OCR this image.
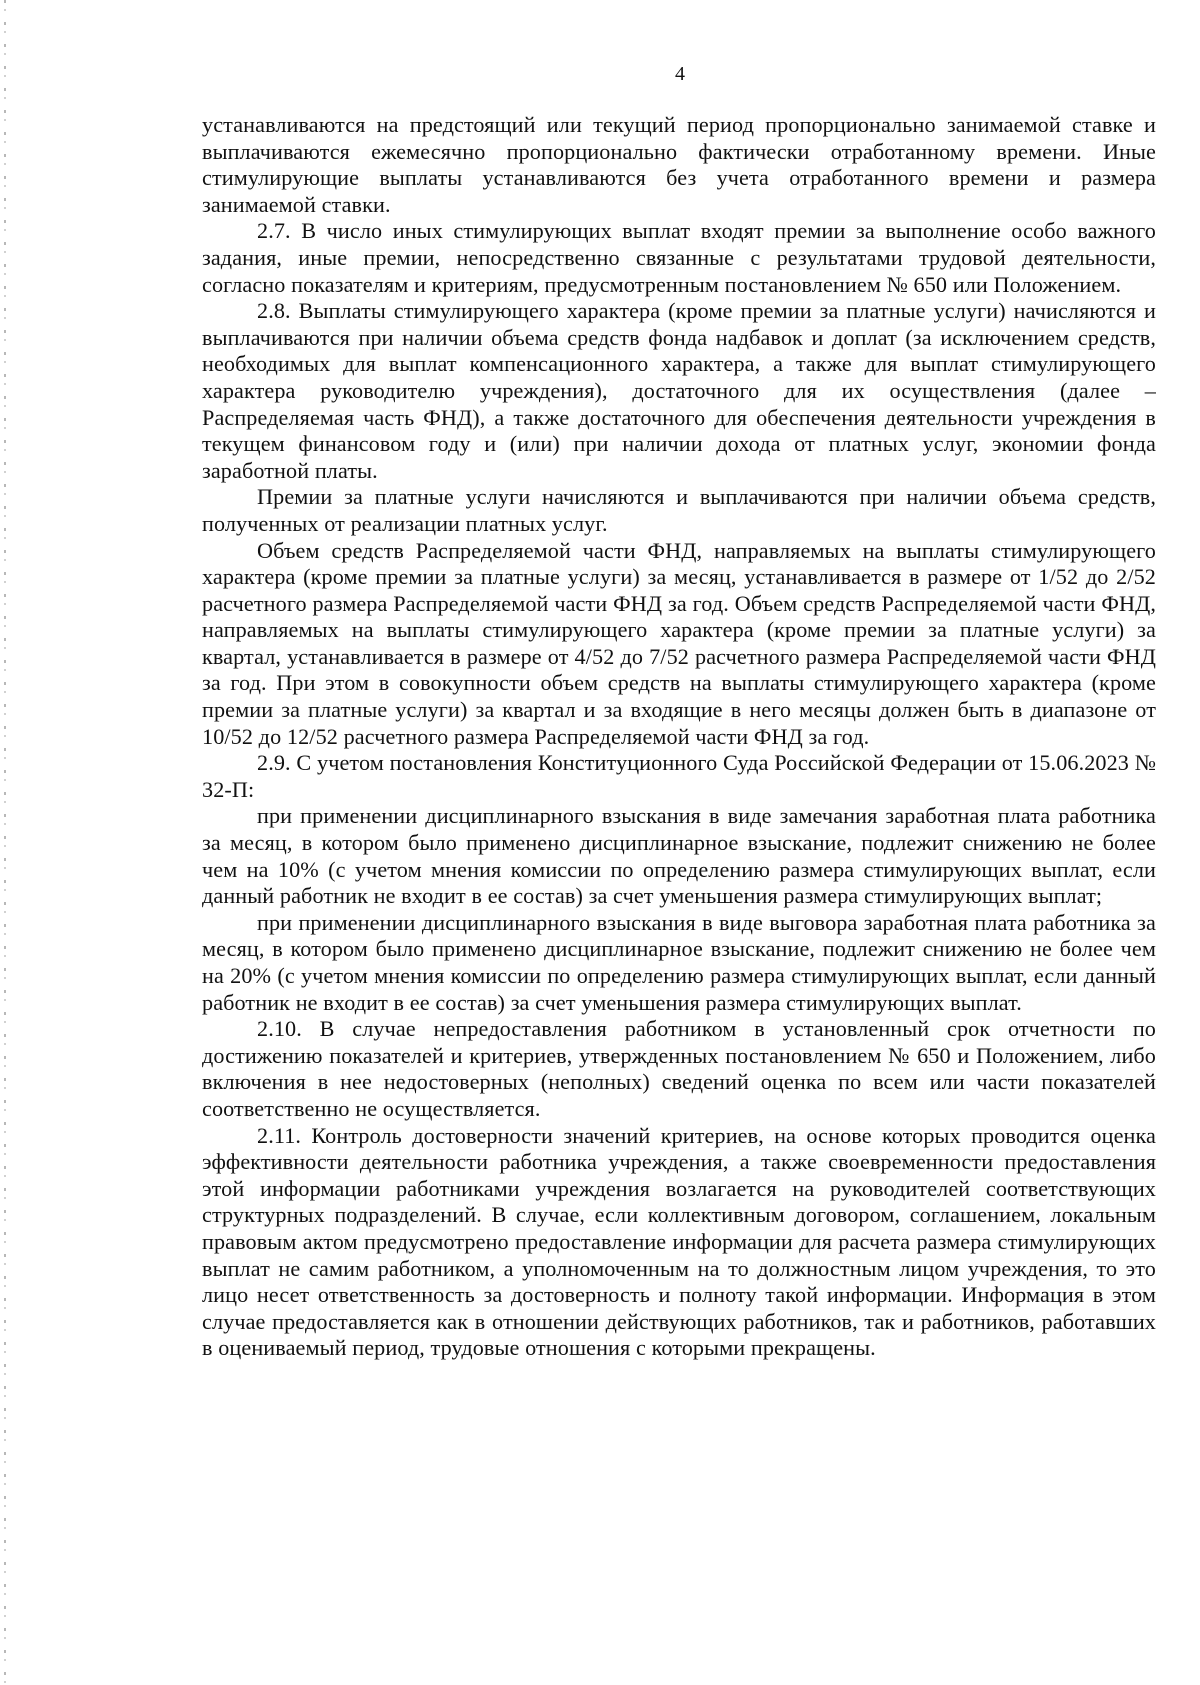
4

устанавливаются на предстоящий или текущий период пропорционально занимаемой ставке и выплачиваются ежемесячно пропорционально фактически отработанному времени. Иные стимулирующие выплаты устанавливаются без учета отработанного времени и размера занимаемой ставки.

2.7. В число иных стимулирующих выплат входят премии за выполнение особо важного задания, иные премии, непосредственно связанные с результатами трудовой деятельности, согласно показателям и критериям, предусмотренным постановлением № 650 или Положением.

2.8. Выплаты стимулирующего характера (кроме премии за платные услуги) начисляются и выплачиваются при наличии объема средств фонда надбавок и доплат (за исключением средств, необходимых для выплат компенсационного характера, а также для выплат стимулирующего характера руководителю учреждения), достаточного для их осуществления (далее – Распределяемая часть ФНД), а также достаточного для обеспечения деятельности учреждения в текущем финансовом году и (или) при наличии дохода от платных услуг, экономии фонда заработной платы.

Премии за платные услуги начисляются и выплачиваются при наличии объема средств, полученных от реализации платных услуг.

Объем средств Распределяемой части ФНД, направляемых на выплаты стимулирующего характера (кроме премии за платные услуги) за месяц, устанавливается в размере от 1/52 до 2/52 расчетного размера Распределяемой части ФНД за год. Объем средств Распределяемой части ФНД, направляемых на выплаты стимулирующего характера (кроме премии за платные услуги) за квартал, устанавливается в размере от 4/52 до 7/52 расчетного размера Распределяемой части ФНД за год. При этом в совокупности объем средств на выплаты стимулирующего характера (кроме премии за платные услуги) за квартал и за входящие в него месяцы должен быть в диапазоне от 10/52 до 12/52 расчетного размера Распределяемой части ФНД за год.

2.9. С учетом постановления Конституционного Суда Российской Федерации от 15.06.2023 № 32-П:

при применении дисциплинарного взыскания в виде замечания заработная плата работника за месяц, в котором было применено дисциплинарное взыскание, подлежит снижению не более чем на 10% (с учетом мнения комиссии по определению размера стимулирующих выплат, если данный работник не входит в ее состав) за счет уменьшения размера стимулирующих выплат;

при применении дисциплинарного взыскания в виде выговора заработная плата работника за месяц, в котором было применено дисциплинарное взыскание, подлежит снижению не более чем на 20% (с учетом мнения комиссии по определению размера стимулирующих выплат, если данный работник не входит в ее состав) за счет уменьшения размера стимулирующих выплат.

2.10. В случае непредоставления работником в установленный срок отчетности по достижению показателей и критериев, утвержденных постановлением № 650 и Положением, либо включения в нее недостоверных (неполных) сведений оценка по всем или части показателей соответственно не осуществляется.

2.11. Контроль достоверности значений критериев, на основе которых проводится оценка эффективности деятельности работника учреждения, а также своевременности предоставления этой информации работниками учреждения возлагается на руководителей соответствующих структурных подразделений. В случае, если коллективным договором, соглашением, локальным правовым актом предусмотрено предоставление информации для расчета размера стимулирующих выплат не самим работником, а уполномоченным на то должностным лицом учреждения, то это лицо несет ответственность за достоверность и полноту такой информации. Информация в этом случае предоставляется как в отношении действующих работников, так и работников, работавших в оцениваемый период, трудовые отношения с которыми прекращены.
